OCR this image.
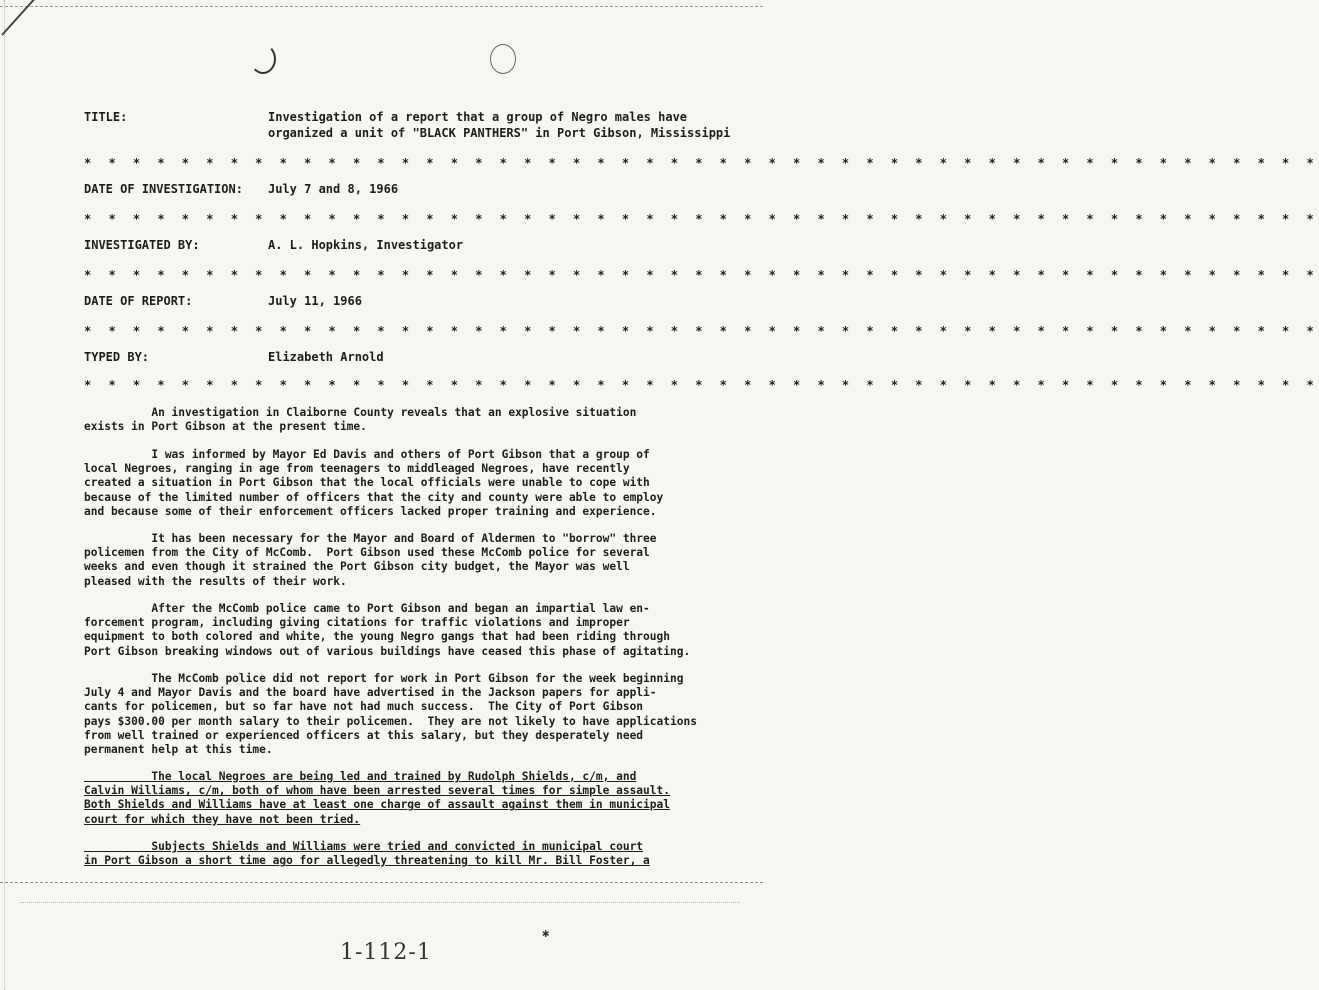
TITLE:	Investigation of a report that a group of Negro males have
organized a unit of "BLACK PANTHERS" in Port Gibson, Mississippi
* * * * * * * * * * * * * * * * * * * * * * * * * * * * * * * * * * * * * * * * * * * * * * * * * * *
DATE OF INVESTIGATION: July 7 and 8, 1966
* * * * * * * * * * * * * * * * * * * * * * * * * * * * * * * * * * * * * * * * * * * * * * * * * * *
INVESTIGATED BY:	A. L. Hopkins, Investigator
* * * * * * * * * * * * * * * * * * * * * * * * * * * * * * * * * * * * * * * * * * * * * * * * * * *
DATE OF REPORT:	July 11, 1966
* * * * * * * * * * * * * * * * * * * * * * * * * * * * * * * * * * * * * * * * * * * * * * * * * * *
TYPED BY:	Elizabeth Arnold
* * * * * * * * * * * * * * * * * * * * * * * * * * * * * * * * * * * * * * * * * * * * * * * * * * *
An investigation in Claiborne County reveals that an explosive situation
exists in Port Gibson at the present time.
I was informed by Mayor Ed Davis and others of Port Gibson that a group of
local Negroes, ranging in age from teenagers to middleaged Negroes, have recently
created a situation in Port Gibson that the local officials were unable to cope with
because of the limited number of officers that the city and county were able to employ
and because some of their enforcement officers lacked proper training and experience.
It has been necessary for the Mayor and Board of Aldermen to "borrow" three
policemen from the City of McComb.  Port Gibson used these McComb police for several
weeks and even though it strained the Port Gibson city budget, the Mayor was well
pleased with the results of their work.
After the McComb police came to Port Gibson and began an impartial law en-
forcement program, including giving citations for traffic violations and improper
equipment to both colored and white, the young Negro gangs that had been riding through
Port Gibson breaking windows out of various buildings have ceased this phase of agitating.
The McComb police did not report for work in Port Gibson for the week beginning
July 4 and Mayor Davis and the board have advertised in the Jackson papers for appli-
cants for policemen, but so far have not had much success.  The City of Port Gibson
pays $300.00 per month salary to their policemen.  They are not likely to have applications
from well trained or experienced officers at this salary, but they desperately need
permanent help at this time.
The local Negroes are being led and trained by Rudolph Shields, c/m, and
Calvin Williams, c/m, both of whom have been arrested several times for simple assault.
Both Shields and Williams have at least one charge of assault against them in municipal
court for which they have not been tried.
Subjects Shields and Williams were tried and convicted in municipal court
in Port Gibson a short time ago for allegedly threatening to kill Mr. Bill Foster, a
1-112-1
✱
